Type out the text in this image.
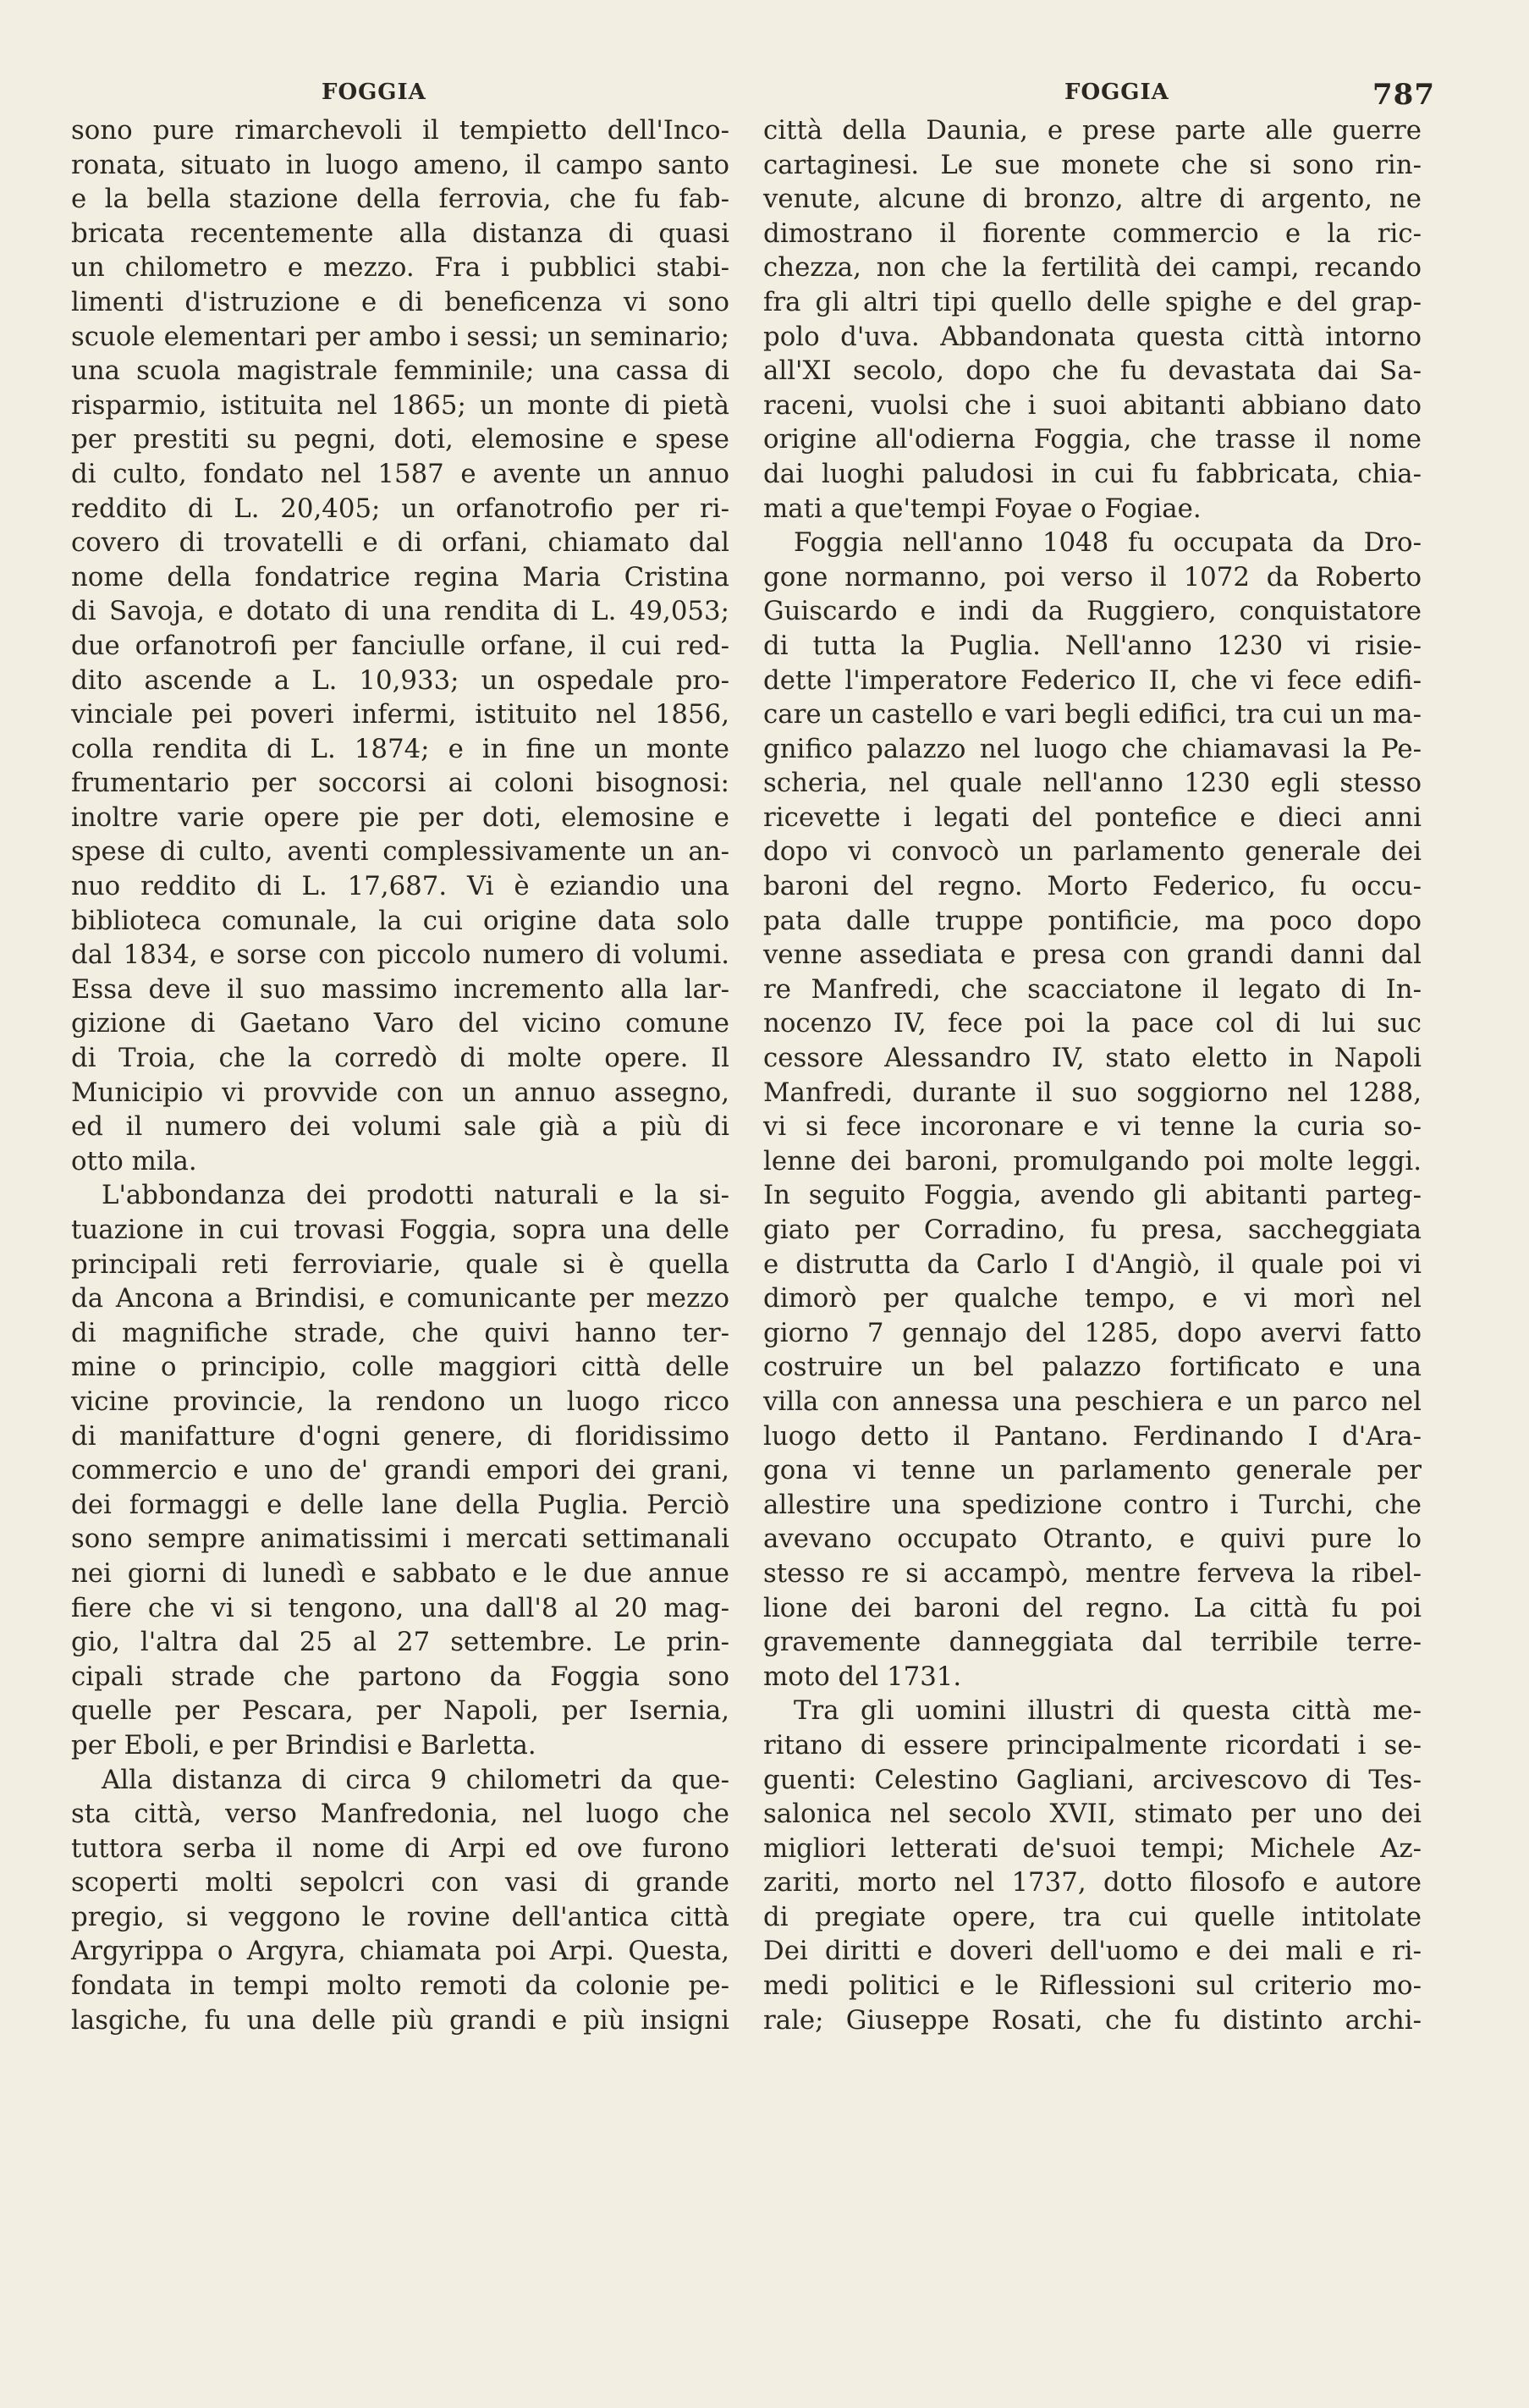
FOGGIA	FOGGIA	787

sono pure rimarchevoli il tempietto dell'Inco-

ronata, situato in luogo ameno, il campo santo

e la bella stazione della ferrovia, che fu fab-

bricata recentemente alla distanza di quasi

un chilometro e mezzo. Fra i pubblici stabi-

limenti d'istruzione e di beneficenza vi sono

scuole elementari per ambo i sessi; un seminario;

una scuola magistrale femminile; una cassa di

risparmio, istituita nel 1865; un monte di pietà

per prestiti su pegni, doti, elemosine e spese

di culto, fondato nel 1587 e avente un annuo

reddito di L. 20,405; un orfanotrofio per ri-

covero di trovatelli e di orfani, chiamato dal

nome della fondatrice regina Maria Cristina

di Savoja, e dotato di una rendita di L. 49,053;

due orfanotrofi per fanciulle orfane, il cui red-

dito ascende a L. 10,933; un ospedale pro-

vinciale pei poveri infermi, istituito nel 1856,

colla rendita di L. 1874; e in fine un monte

frumentario per soccorsi ai coloni bisognosi:

inoltre varie opere pie per doti, elemosine e

spese di culto, aventi complessivamente un an-

nuo reddito di L. 17,687. Vi è eziandio una

biblioteca comunale, la cui origine data solo

dal 1834, e sorse con piccolo numero di volumi.

Essa deve il suo massimo incremento alla lar-

gizione di Gaetano Varo del vicino comune

di Troia, che la corredò di molte opere. Il

Municipio vi provvide con un annuo assegno,

ed il numero dei volumi sale già a più di

otto mila.

L'abbondanza dei prodotti naturali e la si-

tuazione in cui trovasi Foggia, sopra una delle

principali reti ferroviarie, quale si è quella

da Ancona a Brindisi, e comunicante per mezzo

di magnifiche strade, che quivi hanno ter-

mine o principio, colle maggiori città delle

vicine provincie, la rendono un luogo ricco

di manifatture d'ogni genere, di floridissimo

commercio e uno de' grandi empori dei grani,

dei formaggi e delle lane della Puglia. Perciò

sono sempre animatissimi i mercati settimanali

nei giorni di lunedì e sabbato e le due annue

fiere che vi si tengono, una dall'8 al 20 mag-

gio, l'altra dal 25 al 27 settembre. Le prin-

cipali strade che partono da Foggia sono

quelle per Pescara, per Napoli, per Isernia,

per Eboli, e per Brindisi e Barletta.

Alla distanza di circa 9 chilometri da que-

sta città, verso Manfredonia, nel luogo che

tuttora serba il nome di Arpi ed ove furono

scoperti molti sepolcri con vasi di grande

pregio, si veggono le rovine dell'antica città

Argyrippa o Argyra, chiamata poi Arpi. Questa,

fondata in tempi molto remoti da colonie pe-

lasgiche, fu una delle più grandi e più insigni

città della Daunia, e prese parte alle guerre

cartaginesi. Le sue monete che si sono rin-

venute, alcune di bronzo, altre di argento, ne

dimostrano il fiorente commercio e la ric-

chezza, non che la fertilità dei campi, recando

fra gli altri tipi quello delle spighe e del grap-

polo d'uva. Abbandonata questa città intorno

all'XI secolo, dopo che fu devastata dai Sa-

raceni, vuolsi che i suoi abitanti abbiano dato

origine all'odierna Foggia, che trasse il nome

dai luoghi paludosi in cui fu fabbricata, chia-

mati a que'tempi Foyae o Fogiae.

Foggia nell'anno 1048 fu occupata da Dro-

gone normanno, poi verso il 1072 da Roberto

Guiscardo e indi da Ruggiero, conquistatore

di tutta la Puglia. Nell'anno 1230 vi risie-

dette l'imperatore Federico II, che vi fece edifi-

care un castello e vari begli edifici, tra cui un ma-

gnifico palazzo nel luogo che chiamavasi la Pe-

scheria, nel quale nell'anno 1230 egli stesso

ricevette i legati del pontefice e dieci anni

dopo vi convocò un parlamento generale dei

baroni del regno. Morto Federico, fu occu-

pata dalle truppe pontificie, ma poco dopo

venne assediata e presa con grandi danni dal

re Manfredi, che scacciatone il legato di In-

nocenzo IV, fece poi la pace col di lui suc

cessore Alessandro IV, stato eletto in Napoli

Manfredi, durante il suo soggiorno nel 1288,

vi si fece incoronare e vi tenne la curia so-

lenne dei baroni, promulgando poi molte leggi.

In seguito Foggia, avendo gli abitanti parteg-

giato per Corradino, fu presa, saccheggiata

e distrutta da Carlo I d'Angiò, il quale poi vi

dimorò per qualche tempo, e vi morì nel

giorno 7 gennajo del 1285, dopo avervi fatto

costruire un bel palazzo fortificato e una

villa con annessa una peschiera e un parco nel

luogo detto il Pantano. Ferdinando I d'Ara-

gona vi tenne un parlamento generale per

allestire una spedizione contro i Turchi, che

avevano occupato Otranto, e quivi pure lo

stesso re si accampò, mentre ferveva la ribel-

lione dei baroni del regno. La città fu poi

gravemente danneggiata dal terribile terre-

moto del 1731.

Tra gli uomini illustri di questa città me-

ritano di essere principalmente ricordati i se-

guenti: Celestino Gagliani, arcivescovo di Tes-

salonica nel secolo XVII, stimato per uno dei

migliori letterati de'suoi tempi; Michele Az-

zariti, morto nel 1737, dotto filosofo e autore

di pregiate opere, tra cui quelle intitolate

Dei diritti e doveri dell'uomo e dei mali e ri-

medi politici e le Riflessioni sul criterio mo-

rale; Giuseppe Rosati, che fu distinto archi-
